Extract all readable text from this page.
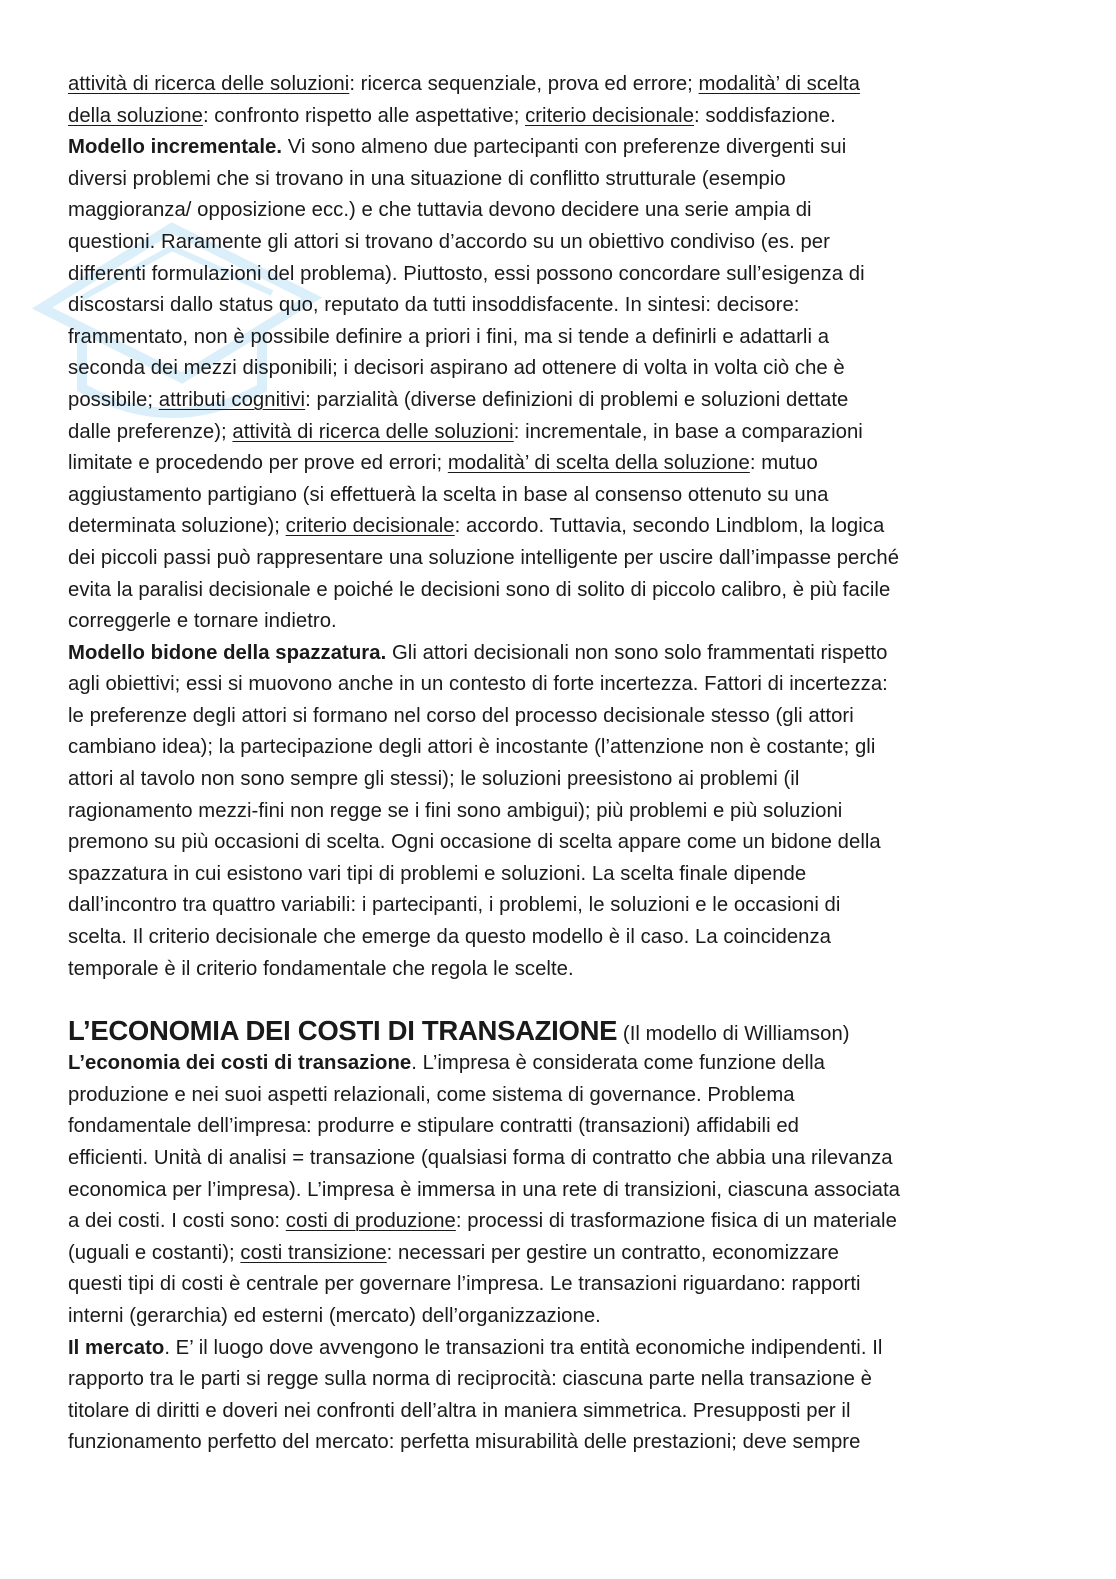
attività di ricerca delle soluzioni: ricerca sequenziale, prova ed errore; modalità’ di scelta
della soluzione: confronto rispetto alle aspettative; criterio decisionale: soddisfazione.
Modello incrementale. Vi sono almeno due partecipanti con preferenze divergenti sui
diversi problemi che si trovano in una situazione di conflitto strutturale (esempio
maggioranza/ opposizione ecc.) e che tuttavia devono decidere una serie ampia di
questioni. Raramente gli attori si trovano d’accordo su un obiettivo condiviso (es. per
differenti formulazioni del problema). Piuttosto, essi possono concordare sull’esigenza di
discostarsi dallo status quo, reputato da tutti insoddisfacente. In sintesi: decisore:
frammentato, non è possibile definire a priori i fini, ma si tende a definirli e adattarli a
seconda dei mezzi disponibili; i decisori aspirano ad ottenere di volta in volta ciò che è
possibile; attributi cognitivi: parzialità (diverse definizioni di problemi e soluzioni dettate
dalle preferenze); attività di ricerca delle soluzioni: incrementale, in base a comparazioni
limitate e procedendo per prove ed errori; modalità’ di scelta della soluzione: mutuo
aggiustamento partigiano (si effettuerà la scelta in base al consenso ottenuto su una
determinata soluzione); criterio decisionale: accordo. Tuttavia, secondo Lindblom, la logica
dei piccoli passi può rappresentare una soluzione intelligente per uscire dall’impasse perché
evita la paralisi decisionale e poiché le decisioni sono di solito di piccolo calibro, è più facile
correggerle e tornare indietro.
Modello bidone della spazzatura. Gli attori decisionali non sono solo frammentati rispetto
agli obiettivi; essi si muovono anche in un contesto di forte incertezza. Fattori di incertezza:
le preferenze degli attori si formano nel corso del processo decisionale stesso (gli attori
cambiano idea); la partecipazione degli attori è incostante (l’attenzione non è costante; gli
attori al tavolo non sono sempre gli stessi); le soluzioni preesistono ai problemi (il
ragionamento mezzi-fini non regge se i fini sono ambigui); più problemi e più soluzioni
premono su più occasioni di scelta. Ogni occasione di scelta appare come un bidone della
spazzatura in cui esistono vari tipi di problemi e soluzioni. La scelta finale dipende
dall’incontro tra quattro variabili: i partecipanti, i problemi, le soluzioni e le occasioni di
scelta. Il criterio decisionale che emerge da questo modello è il caso. La coincidenza
temporale è il criterio fondamentale che regola le scelte.
L’ECONOMIA DEI COSTI DI TRANSAZIONE (Il modello di Williamson)
L’economia dei costi di transazione. L’impresa è considerata come funzione della
produzione e nei suoi aspetti relazionali, come sistema di governance. Problema
fondamentale dell’impresa: produrre e stipulare contratti (transazioni) affidabili ed
efficienti. Unità di analisi = transazione (qualsiasi forma di contratto che abbia una rilevanza
economica per l’impresa). L’impresa è immersa in una rete di transizioni, ciascuna associata
a dei costi. I costi sono: costi di produzione: processi di trasformazione fisica di un materiale
(uguali e costanti); costi transizione: necessari per gestire un contratto, economizzare
questi tipi di costi è centrale per governare l’impresa. Le transazioni riguardano: rapporti
interni (gerarchia) ed esterni (mercato) dell’organizzazione.
Il mercato. E’ il luogo dove avvengono le transazioni tra entità economiche indipendenti. Il
rapporto tra le parti si regge sulla norma di reciprocità: ciascuna parte nella transazione è
titolare di diritti e doveri nei confronti dell’altra in maniera simmetrica. Presupposti per il
funzionamento perfetto del mercato: perfetta misurabilità delle prestazioni; deve sempre
